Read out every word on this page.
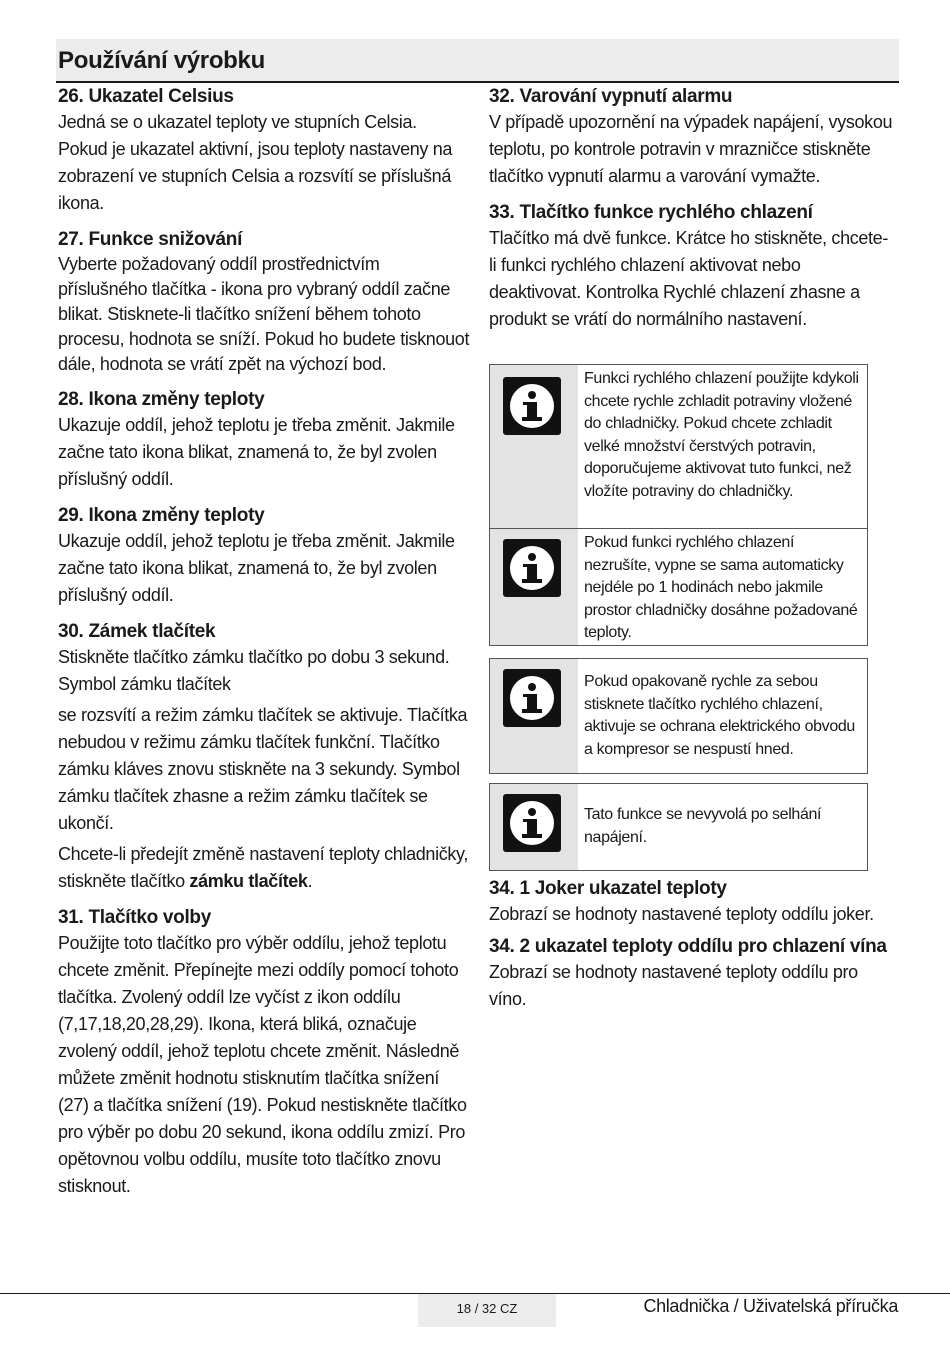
Používání výrobku
26. Ukazatel Celsius

Jedná se o ukazatel teploty ve stupních Celsia. Pokud je ukazatel aktivní, jsou teploty nastaveny na zobrazení ve stupních Celsia a rozsvítí se příslušná ikona.

27. Funkce snižování

Vyberte požadovaný oddíl prostřednictvím příslušného tlačítka - ikona pro vybraný oddíl začne blikat. Stisknete-li tlačítko snížení během tohoto procesu, hodnota se sníží. Pokud ho budete tisknouot dále, hodnota se vrátí zpět na výchozí bod.

28. Ikona změny teploty

Ukazuje oddíl, jehož teplotu je třeba změnit. Jakmile začne tato ikona blikat, znamená to, že byl zvolen příslušný oddíl.

29. Ikona změny teploty

Ukazuje oddíl, jehož teplotu je třeba změnit. Jakmile začne tato ikona blikat, znamená to, že byl zvolen příslušný oddíl.

30. Zámek tlačítek

Stiskněte tlačítko zámku tlačítko po dobu 3 sekund. Symbol zámku tlačítek

se rozsvítí a režim zámku tlačítek se aktivuje. Tlačítka nebudou v režimu zámku tlačítek funkční. Tlačítko zámku kláves znovu stiskněte na 3 sekundy. Symbol zámku tlačítek zhasne a režim zámku tlačítek se ukončí.

Chcete-li předejít změně nastavení teploty chladničky, stiskněte tlačítko zámku tlačítek.

31. Tlačítko volby

Použijte toto tlačítko pro výběr oddílu, jehož teplotu chcete změnit. Přepínejte mezi oddíly pomocí tohoto tlačítka. Zvolený oddíl lze vyčíst z ikon oddílu (7,17,18,20,28,29). Ikona, která bliká, označuje zvolený oddíl, jehož teplotu chcete změnit. Následně můžete změnit hodnotu stisknutím tlačítka snížení (27) a tlačítka snížení (19). Pokud nestiskněte tlačítko pro výběr po dobu 20 sekund, ikona oddílu zmizí. Pro opětovnou volbu oddílu, musíte toto tlačítko znovu stisknout.

32. Varování vypnutí alarmu

V případě upozornění na výpadek napájení, vysokou teplotu, po kontrole potravin v mrazničce stiskněte tlačítko vypnutí alarmu a varování vymažte.

33. Tlačítko funkce rychlého chlazení

Tlačítko má dvě funkce. Krátce ho stiskněte, chcete-li funkci rychlého chlazení aktivovat nebo deaktivovat. Kontrolka Rychlé chlazení zhasne a produkt se vrátí do normálního nastavení.

Funkci rychlého chlazení použijte kdykoli chcete rychle zchladit potraviny vložené do chladničky. Pokud chcete zchladit velké množství čerstvých potravin, doporučujeme aktivovat tuto funkci, než vložíte potraviny do chladničky.
Pokud funkci rychlého chlazení nezrušíte, vypne se sama automaticky nejdéle po 1 hodinách nebo jakmile prostor chladničky dosáhne požadované teploty.
Pokud opakovaně rychle za sebou stisknete tlačítko rychlého chlazení, aktivuje se ochrana elektrického obvodu a kompresor se nespustí hned.
Tato funkce se nevyvolá po selhání napájení.
34. 1 Joker ukazatel teploty

Zobrazí se hodnoty nastavené teploty oddílu joker.

34. 2 ukazatel teploty oddílu pro chlazení vína

Zobrazí se hodnoty nastavené teploty oddílu pro víno.

18 / 32 CZ	Chladnička / Uživatelská příručka
